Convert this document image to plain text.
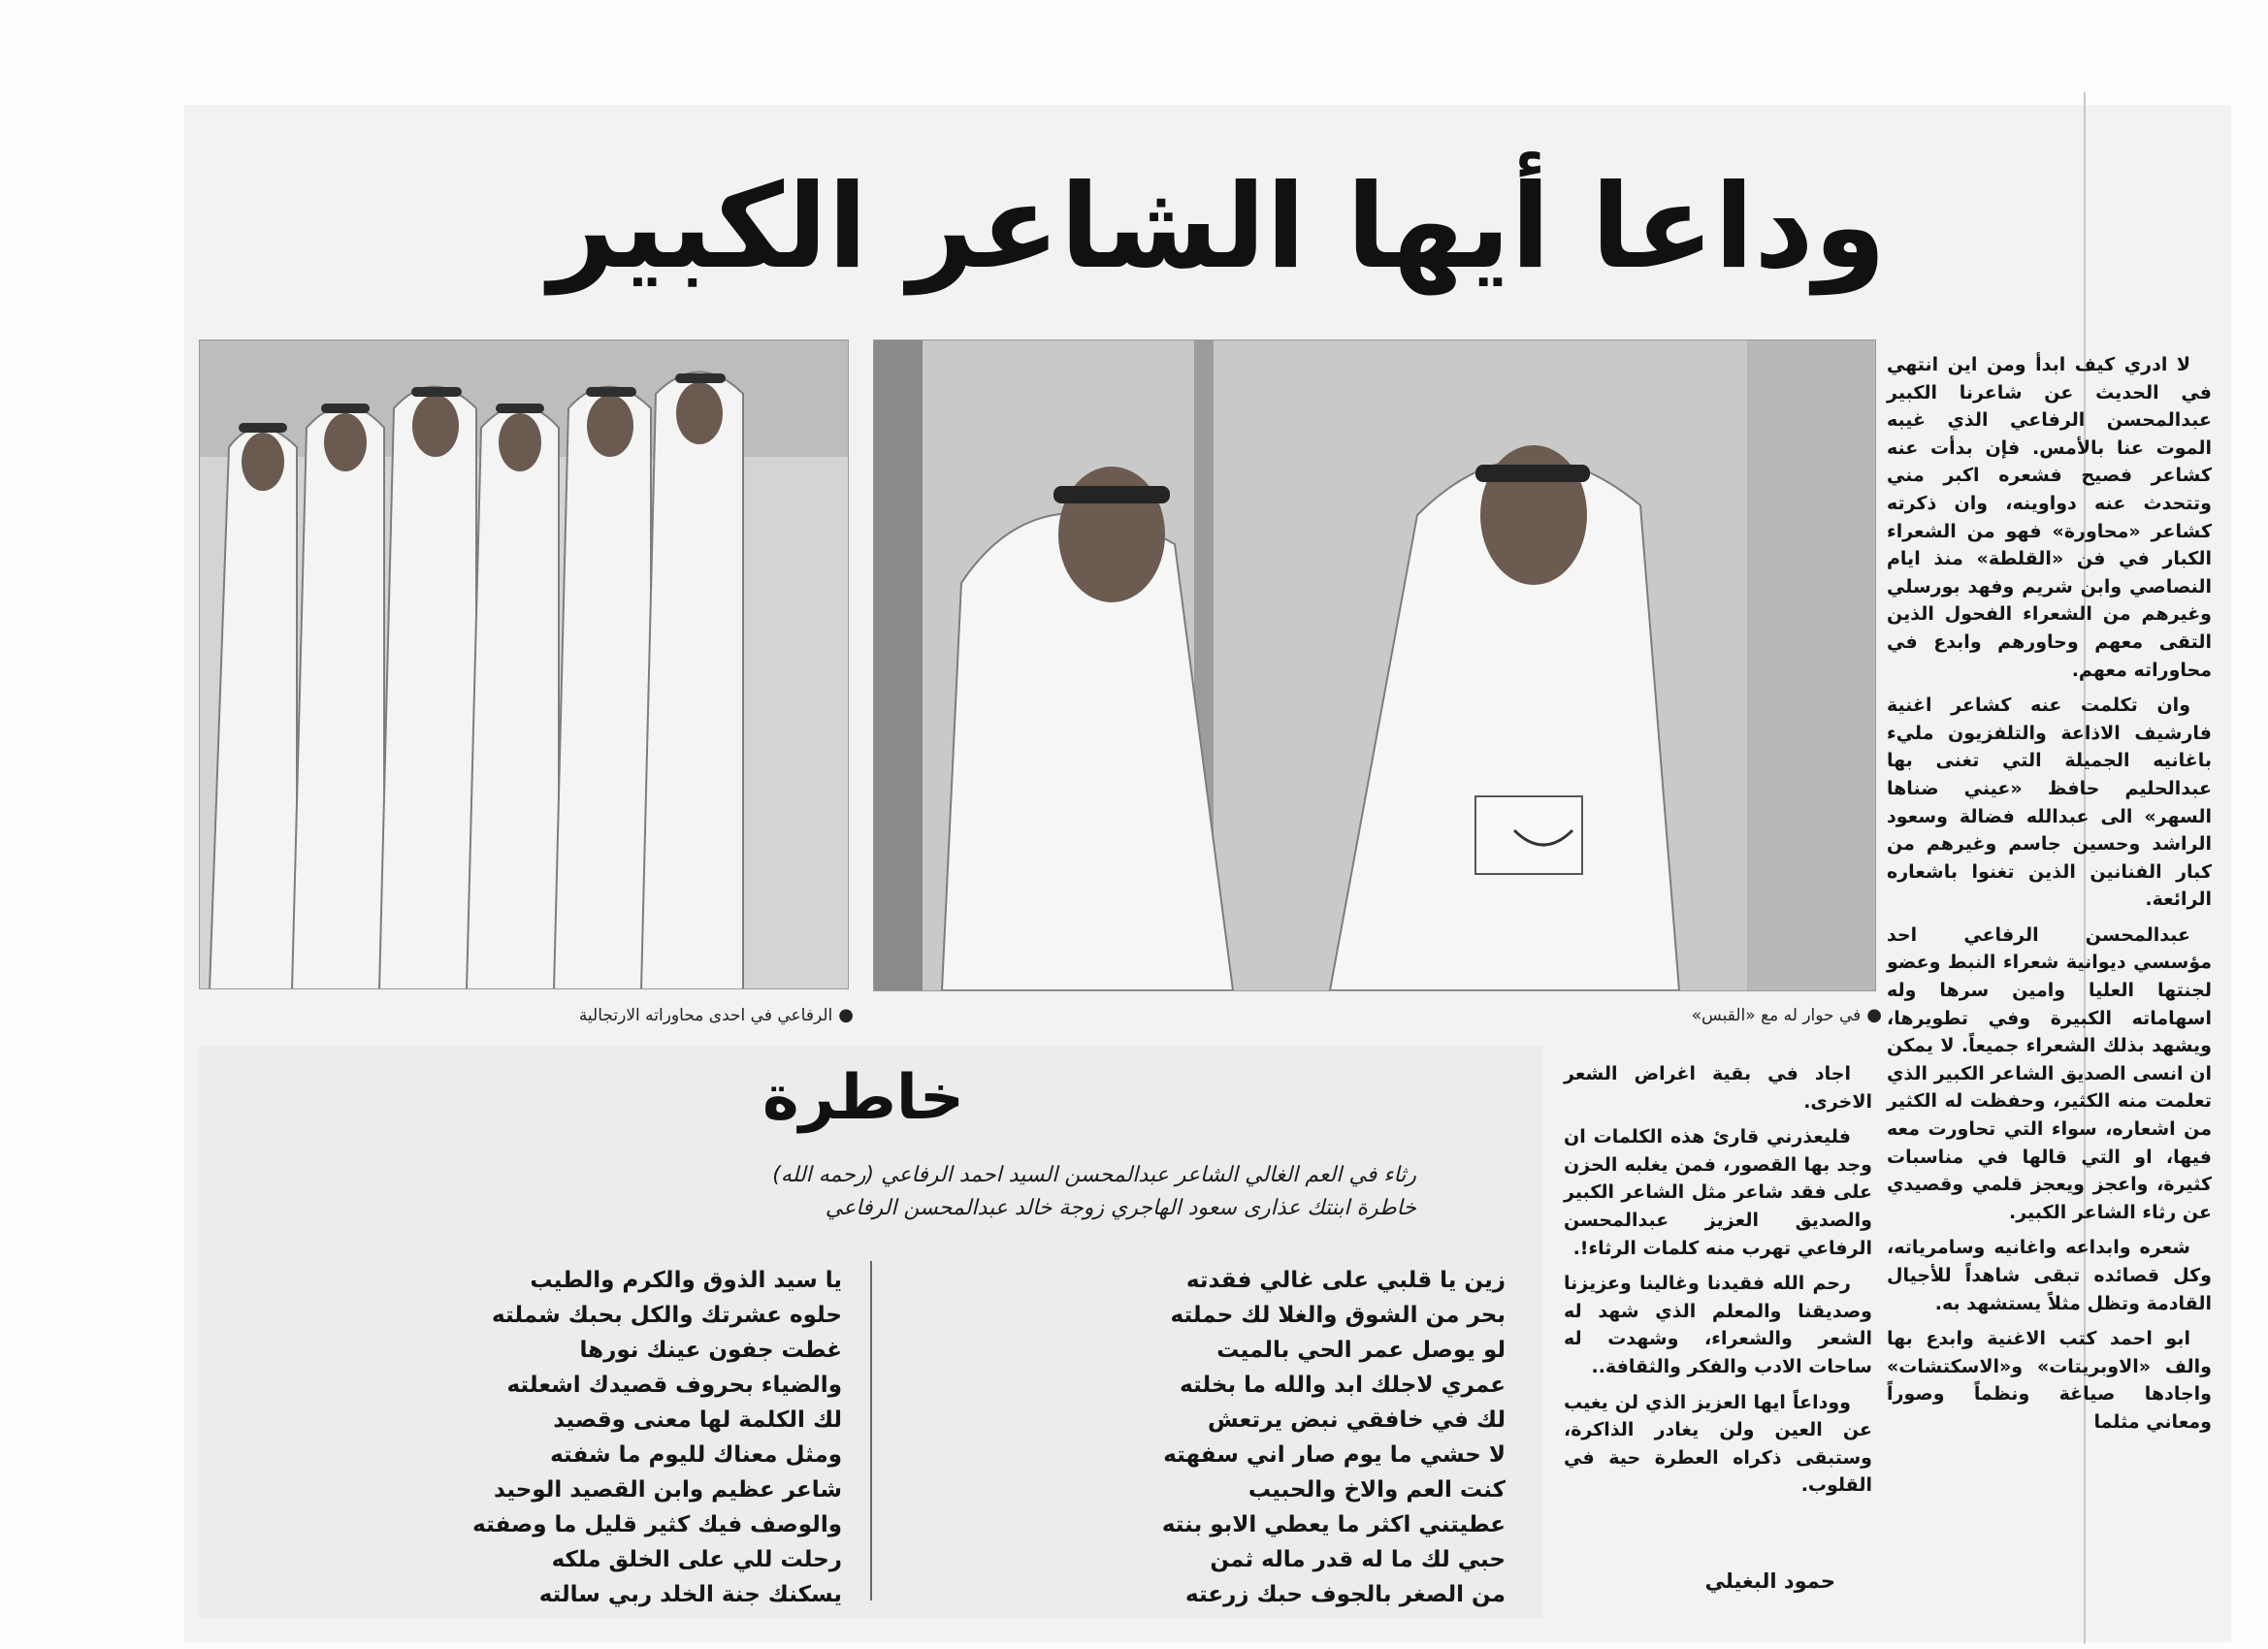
وداعا أيها الشاعر الكبير
●الرفاعي في احدى محاوراته الارتجالية	●في حوار له مع «القبس»

لا ادري كيف ابدأ ومن اين انتهي في الحديث عن شاعرنا الكبير عبدالمحسن الرفاعي الذي غيبه الموت عنا بالأمس. فإن بدأت عنه كشاعر فصيح فشعره اكبر مني وتتحدث عنه دواوينه، وان ذكرته كشاعر «محاورة» فهو من الشعراء الكبار في فن «القلطة» منذ ايام النصاصي وابن شريم وفهد بورسلي وغيرهم من الشعراء الفحول الذين التقى معهم وحاورهم وابدع في محاوراته معهم.

وان تكلمت عنه كشاعر اغنية فارشيف الاذاعة والتلفزيون مليء باغانيه الجميلة التي تغنى بها عبدالحليم حافظ «عيني ضناها السهر» الى عبدالله فضالة وسعود الراشد وحسين جاسم وغيرهم من كبار الفنانين الذين تغنوا باشعاره الرائعة.

عبدالمحسن الرفاعي احد مؤسسي ديوانية شعراء النبط وعضو لجنتها العليا وامين سرها وله اسهاماته الكبيرة وفي تطويرها، ويشهد بذلك الشعراء جميعاً. لا يمكن ان انسى الصديق الشاعر الكبير الذي تعلمت منه الكثير، وحفظت له الكثير من اشعاره، سواء التي تحاورت معه فيها، او التي قالها في مناسبات كثيرة، واعجز ويعجز قلمي وقصيدي عن رثاء الشاعر الكبير.

شعره وابداعه واغانيه وسامرياته، وكل قصائده تبقى شاهداً للأجيال القادمة وتظل مثلاً يستشهد به.

ابو احمد كتب الاغنية وابدع بها والف «الاوبريتات» و«الاسكتشات» واجادها صياغة ونظماً وصوراً ومعاني مثلما

اجاد في بقية اغراض الشعر الاخرى.

فليعذرني قارئ هذه الكلمات ان وجد بها القصور، فمن يغلبه الحزن على فقد شاعر مثل الشاعر الكبير والصديق العزيز عبدالمحسن الرفاعي تهرب منه كلمات الرثاء!.

رحم الله فقيدنا وغالينا وعزيزنا وصديقنا والمعلم الذي شهد له الشعر والشعراء، وشهدت له ساحات الادب والفكر والثقافة..

ووداعاً ايها العزيز الذي لن يغيب عن العين ولن يغادر الذاكرة، وستبقى ذكراه العطرة حية في القلوب.

حمود البغيلي
خاطرة
رثاء في العم الغالي الشاعر عبدالمحسن السيد احمد الرفاعي (رحمه الله)
خاطرة ابنتك عذارى سعود الهاجري زوجة خالد عبدالمحسن الرفاعي
زين يا قلبي على غالي فقدته
بحر من الشوق والغلا لك حملته
لو يوصل عمر الحي بالميت
عمري لاجلك ابد والله ما بخلته
لك في خافقي نبض يرتعش
لا حشي ما يوم صار اني سفهته
كنت العم والاخ والحبيب
عطيتني اكثر ما يعطي الابو بنته
حبي لك ما له قدر ماله ثمن
من الصغر بالجوف حبك زرعته
يا سيد الذوق والكرم والطيب
حلوه عشرتك والكل بحبك شملته
غطت جفون عينك نورها
والضياء بحروف قصيدك اشعلته
لك الكلمة لها معنى وقصيد
ومثل معناك لليوم ما شفته
شاعر عظيم وابن القصيد الوحيد
والوصف فيك كثير قليل ما وصفته
رحلت للي على الخلق ملكه
يسكنك جنة الخلد ربي سالته
